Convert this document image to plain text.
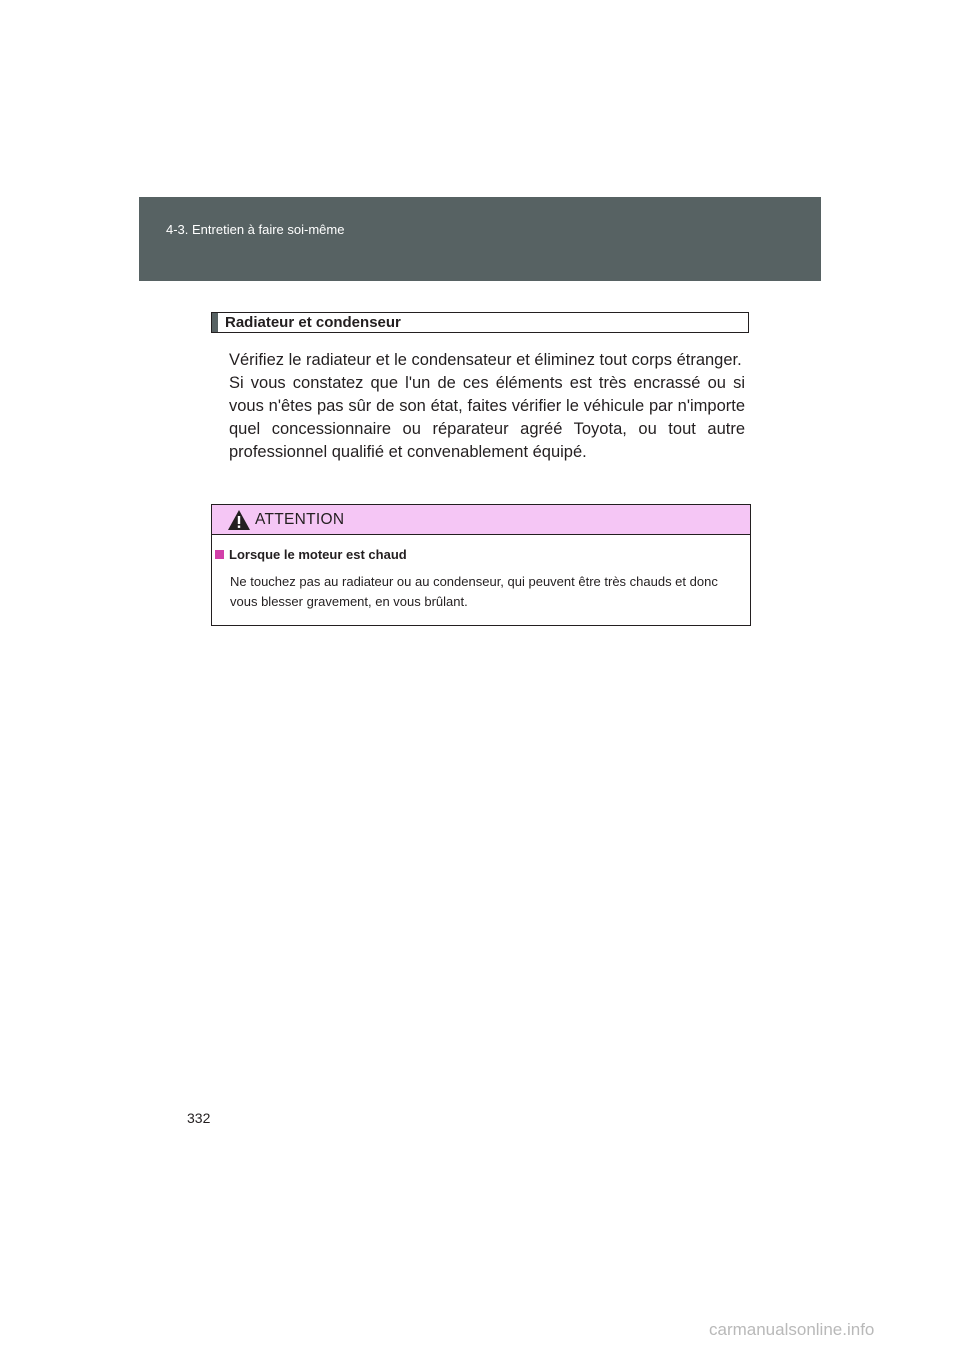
4-3. Entretien à faire soi-même
Radiateur et condenseur

Vérifiez le radiateur et le condensateur et éliminez tout corps étranger.

Si vous constatez que l'un de ces éléments est très encrassé ou si vous n'êtes pas sûr de son état, faites vérifier le véhicule par n'importe quel concessionnaire ou réparateur agréé Toyota, ou tout autre professionnel qualifié et convenablement équipé.

ATTENTION
Lorsque le moteur est chaud
Ne touchez pas au radiateur ou au condenseur, qui peuvent être très chauds et donc vous blesser gravement, en vous brûlant.
332
carmanualsonline.info
